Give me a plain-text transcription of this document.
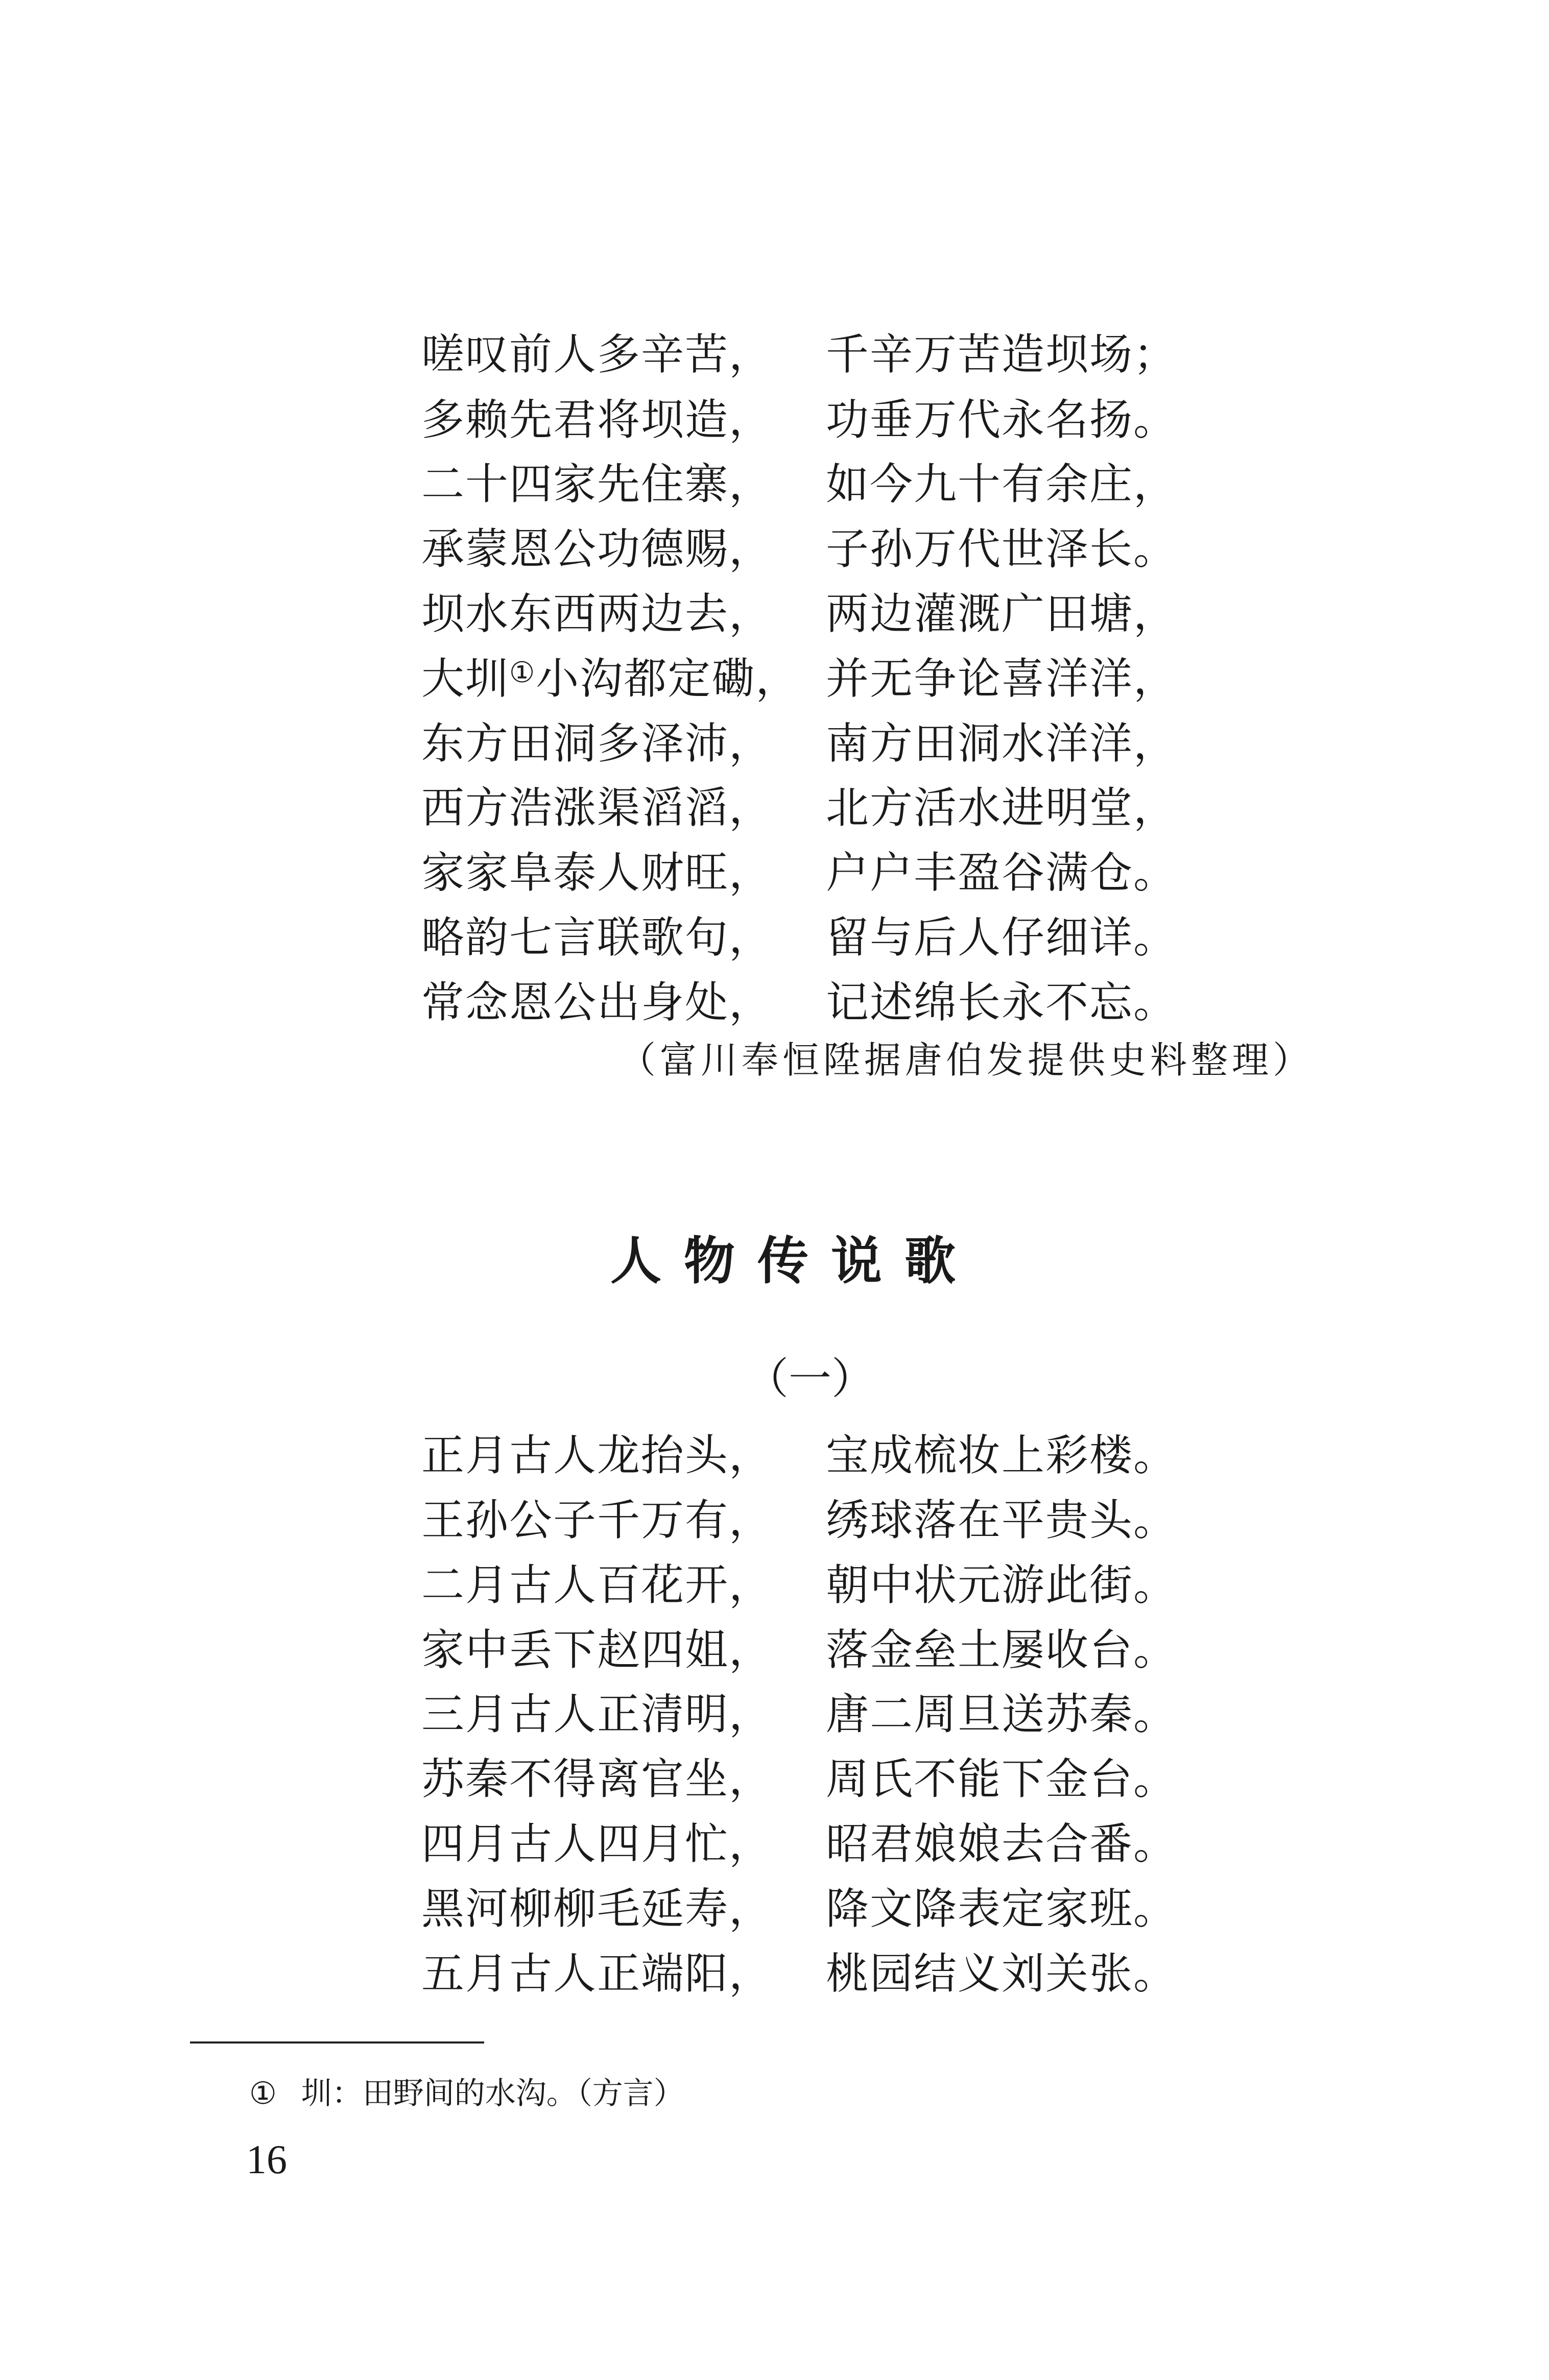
嗟叹前人多辛苦， 千辛万苦造坝场；
多赖先君将坝造， 功垂万代永名扬。
二十四家先住寨， 如今九十有余庄，
承蒙恩公功德赐， 子孙万代世泽长。
坝水东西两边去， 两边灌溉广田塘，
大圳①小沟都定磡， 并无争论喜洋洋，
东方田洞多泽沛， 南方田洞水洋洋，
西方浩涨渠滔滔， 北方活水进明堂，
家家阜泰人财旺， 户户丰盈谷满仓。
略韵七言联歌句， 留与后人仔细详。
常念恩公出身处， 记述绵长永不忘。
（富川奉恒陞据唐伯发提供史料整理）
人物传说歌
（一）
正月古人龙抬头， 宝成梳妆上彩楼。
王孙公子千万有， 绣球落在平贵头。
二月古人百花开， 朝中状元游此街。
家中丢下赵四姐， 落金垒土屡收台。
三月古人正清明， 唐二周旦送苏秦。
苏秦不得离官坐， 周氏不能下金台。
四月古人四月忙， 昭君娘娘去合番。
黑河柳柳毛延寿， 降文降表定家班。
五月古人正端阳， 桃园结义刘关张。
① 圳：田野间的水沟。（方言）
16
